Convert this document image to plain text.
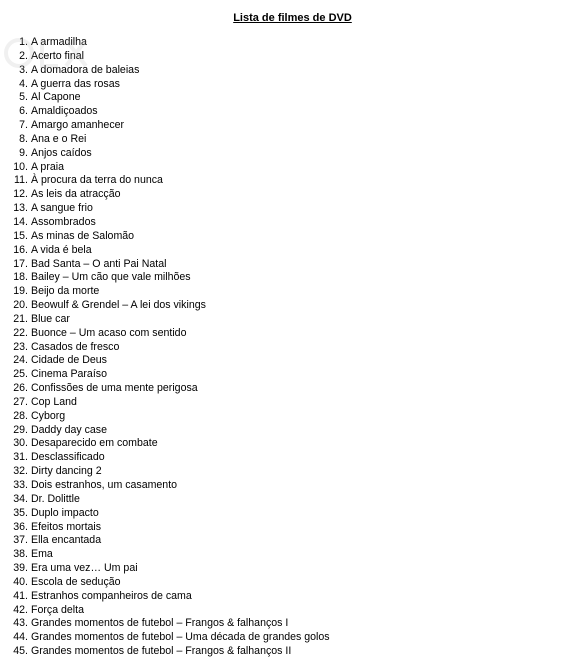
Lista de filmes de DVD
1. A armadilha
2. Acerto final
3. A domadora de baleias
4. A guerra das rosas
5. Al Capone
6. Amaldiçoados
7. Amargo amanhecer
8. Ana e o Rei
9. Anjos caídos
10. A praia
11. À procura da terra do nunca
12. As leis da atracção
13. A sangue frio
14. Assombrados
15. As minas de Salomão
16. A vida é bela
17. Bad Santa – O anti Pai Natal
18. Bailey – Um cão que vale milhões
19. Beijo da morte
20. Beowulf & Grendel – A lei dos vikings
21. Blue car
22. Buonce – Um acaso com sentido
23. Casados de fresco
24. Cidade de Deus
25. Cinema Paraíso
26. Confissões de uma mente perigosa
27. Cop Land
28. Cyborg
29. Daddy day case
30. Desaparecido em combate
31. Desclassificado
32. Dirty dancing 2
33. Dois estranhos, um casamento
34. Dr. Dolittle
35. Duplo impacto
36. Efeitos mortais
37. Ella encantada
38. Ema
39. Era uma vez… Um pai
40. Escola de sedução
41. Estranhos companheiros de cama
42. Força delta
43. Grandes momentos de futebol – Frangos & falhanços I
44. Grandes momentos de futebol – Uma década de grandes golos
45. Grandes momentos de futebol – Frangos & falhanços II
